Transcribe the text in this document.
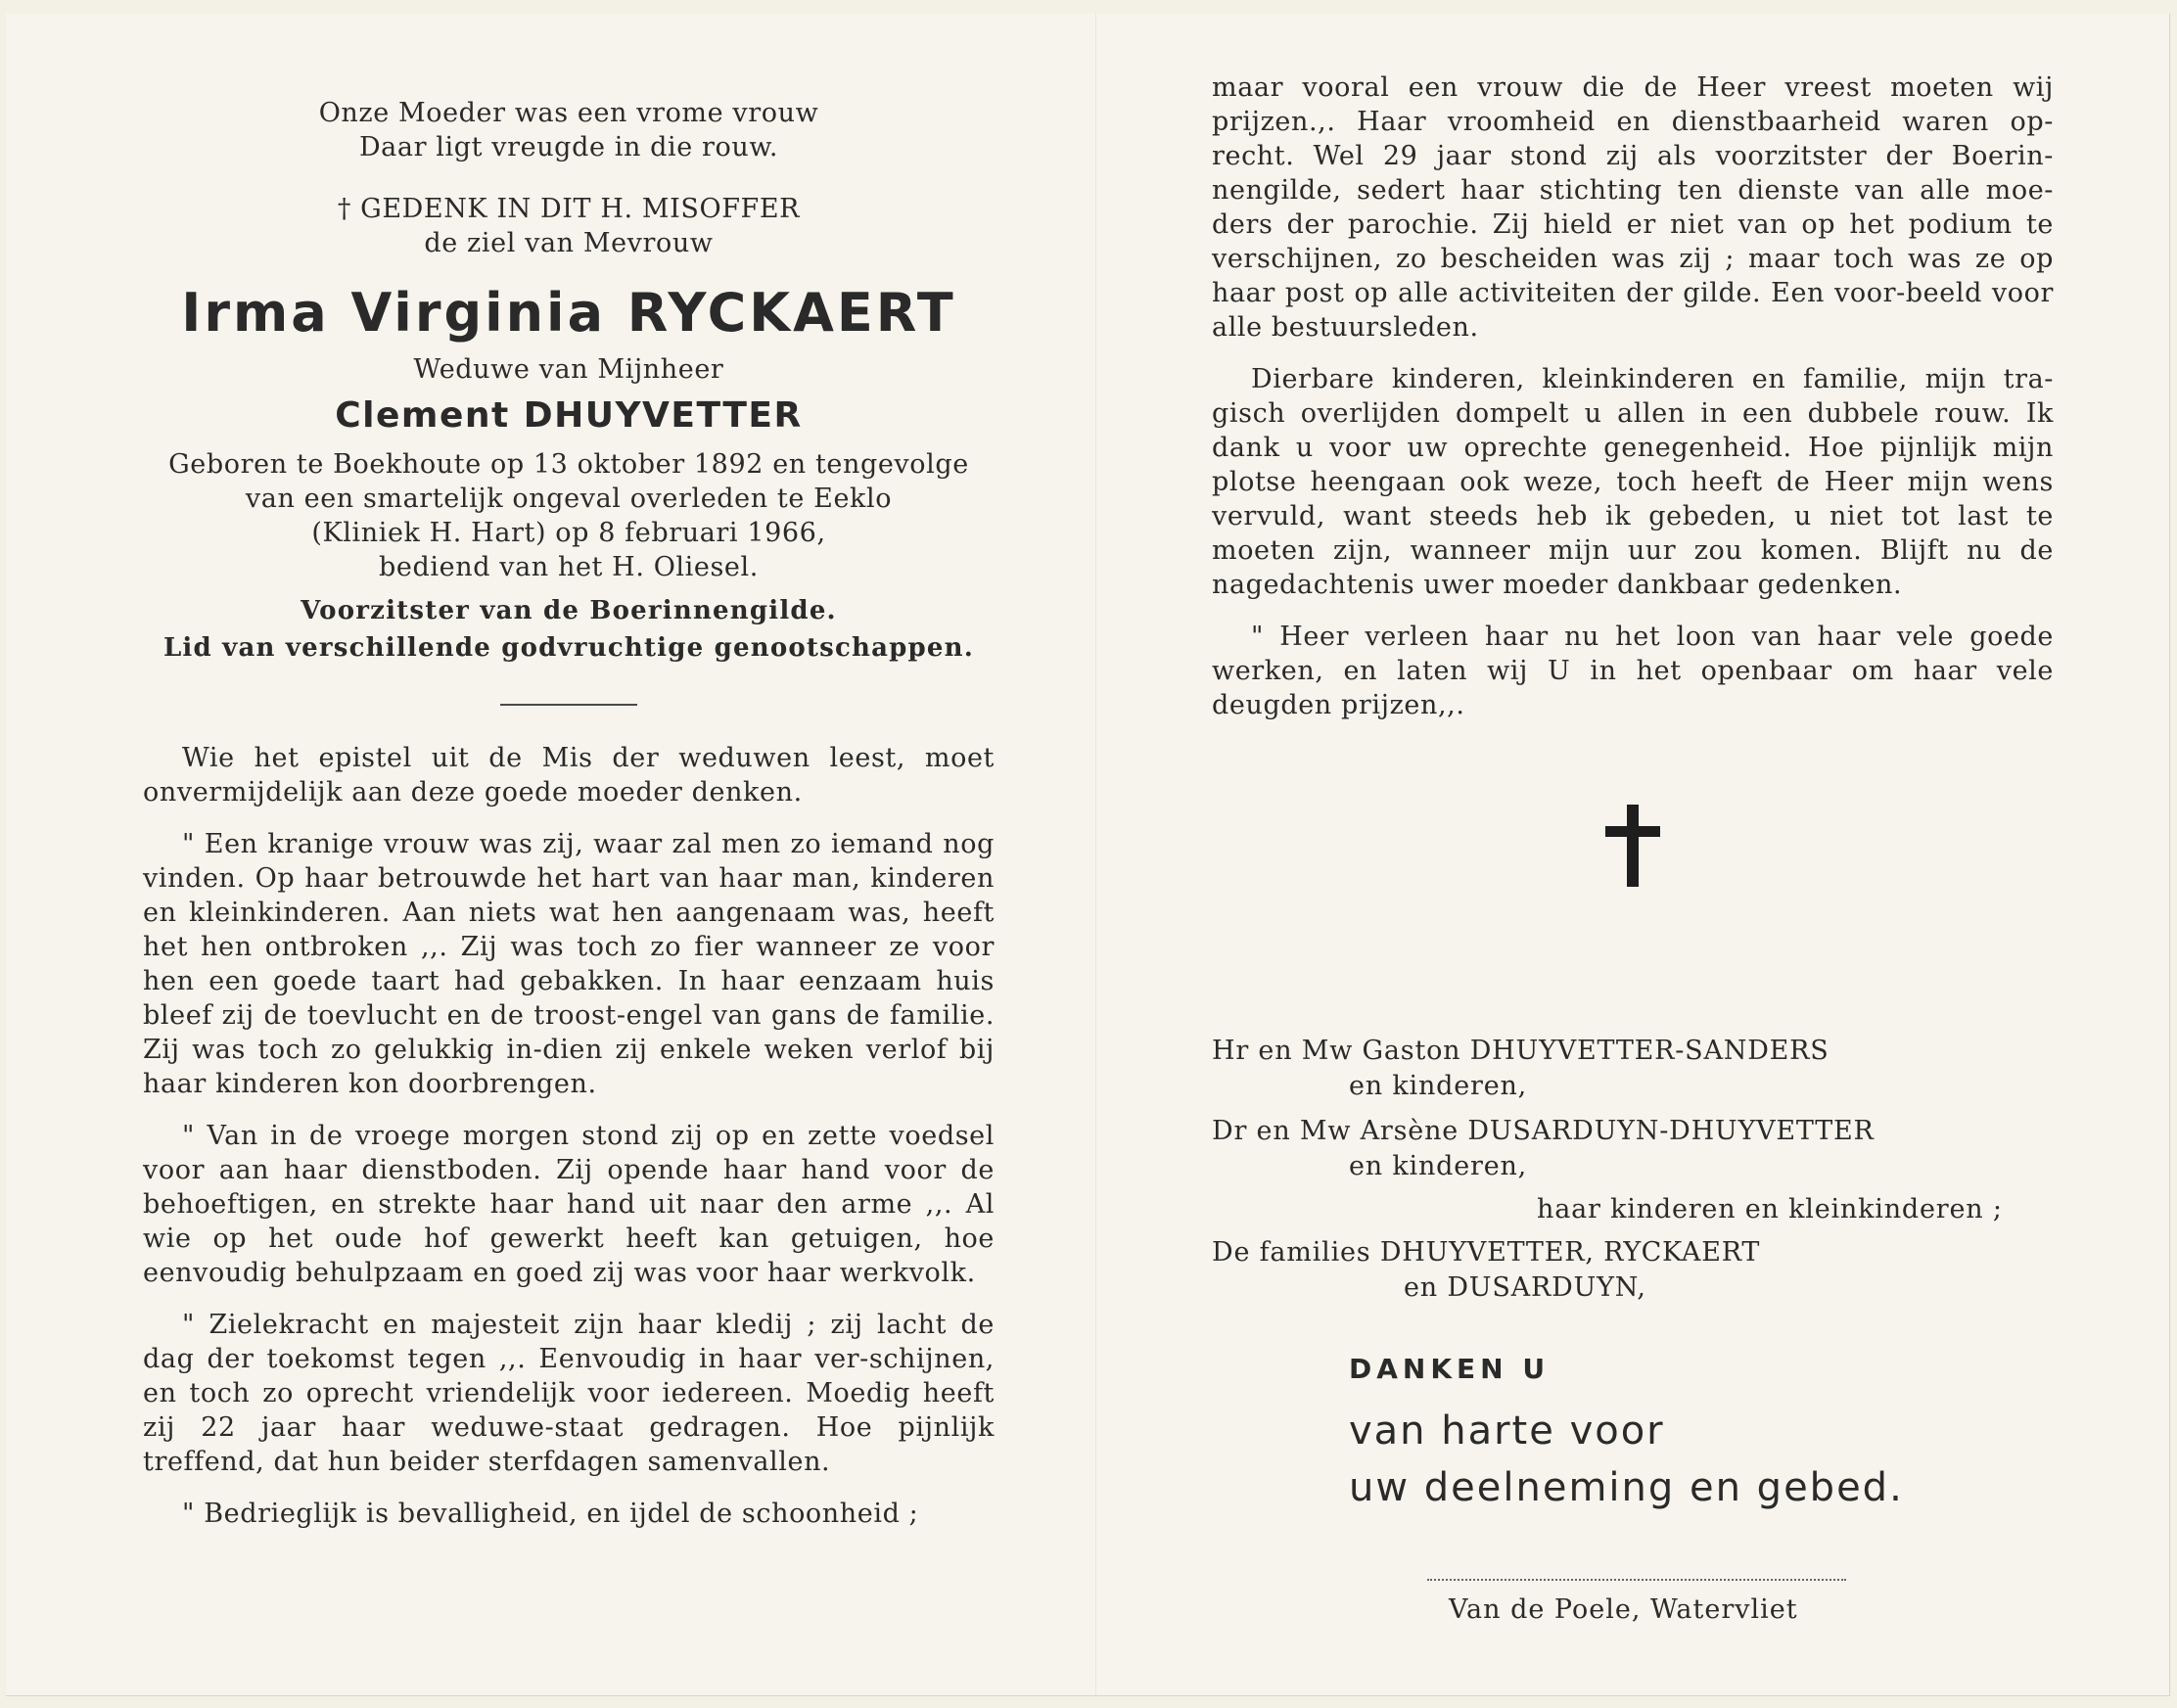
Onze Moeder was een vrome vrouw

Daar ligt vreugde in die rouw.

† GEDENK IN DIT H. MISOFFER

de ziel van Mevrouw

Irma Virginia RYCKAERT

Weduwe van Mijnheer

Clement DHUYVETTER

Geboren te Boekhoute op 13 oktober 1892 en tengevolge

van een smartelijk ongeval overleden te Eeklo

(Kliniek H. Hart) op 8 februari 1966,

bediend van het H. Oliesel.

Voorzitster van de Boerinnengilde.

Lid van verschillende godvruchtige genootschappen.

Wie het epistel uit de Mis der weduwen leest, moet onvermijdelijk aan deze goede moeder denken.

" Een kranige vrouw was zij, waar zal men zo iemand nog vinden. Op haar betrouwde het hart van haar man, kinderen en kleinkinderen. Aan niets wat hen aangenaam was, heeft het hen ontbroken ,,. Zij was toch zo fier wanneer ze voor hen een goede taart had gebakken. In haar eenzaam huis bleef zij de toevlucht en de troost-engel van gans de familie. Zij was toch zo gelukkig in-dien zij enkele weken verlof bij haar kinderen kon doorbrengen.

" Van in de vroege morgen stond zij op en zette voedsel voor aan haar dienstboden. Zij opende haar hand voor de behoeftigen, en strekte haar hand uit naar den arme ,,. Al wie op het oude hof gewerkt heeft kan getuigen, hoe eenvoudig behulpzaam en goed zij was voor haar werkvolk.

" Zielekracht en majesteit zijn haar kledij ; zij lacht de dag der toekomst tegen ,,. Eenvoudig in haar ver-schijnen, en toch zo oprecht vriendelijk voor iedereen. Moedig heeft zij 22 jaar haar weduwe-staat gedragen. Hoe pijnlijk treffend, dat hun beider sterfdagen samenvallen.

" Bedrieglijk is bevalligheid, en ijdel de schoonheid ;

maar vooral een vrouw die de Heer vreest moeten wij prijzen.,. Haar vroomheid en dienstbaarheid waren op-recht. Wel 29 jaar stond zij als voorzitster der Boerin-nengilde, sedert haar stichting ten dienste van alle moe-ders der parochie. Zij hield er niet van op het podium te verschijnen, zo bescheiden was zij ; maar toch was ze op haar post op alle activiteiten der gilde. Een voor-beeld voor alle bestuursleden.

Dierbare kinderen, kleinkinderen en familie, mijn tra-gisch overlijden dompelt u allen in een dubbele rouw. Ik dank u voor uw oprechte genegenheid. Hoe pijnlijk mijn plotse heengaan ook weze, toch heeft de Heer mijn wens vervuld, want steeds heb ik gebeden, u niet tot last te moeten zijn, wanneer mijn uur zou komen. Blijft nu de nagedachtenis uwer moeder dankbaar gedenken.

" Heer verleen haar nu het loon van haar vele goede werken, en laten wij U in het openbaar om haar vele deugden prijzen,,.

Hr en Mw Gaston DHUYVETTER-SANDERS

en kinderen,

Dr en Mw Arsène DUSARDUYN-DHUYVETTER

en kinderen,

haar kinderen en kleinkinderen ;

De families DHUYVETTER, RYCKAERT

en DUSARDUYN,

DANKEN U

van harte voor

uw deelneming en gebed.

Van de Poele, Watervliet
